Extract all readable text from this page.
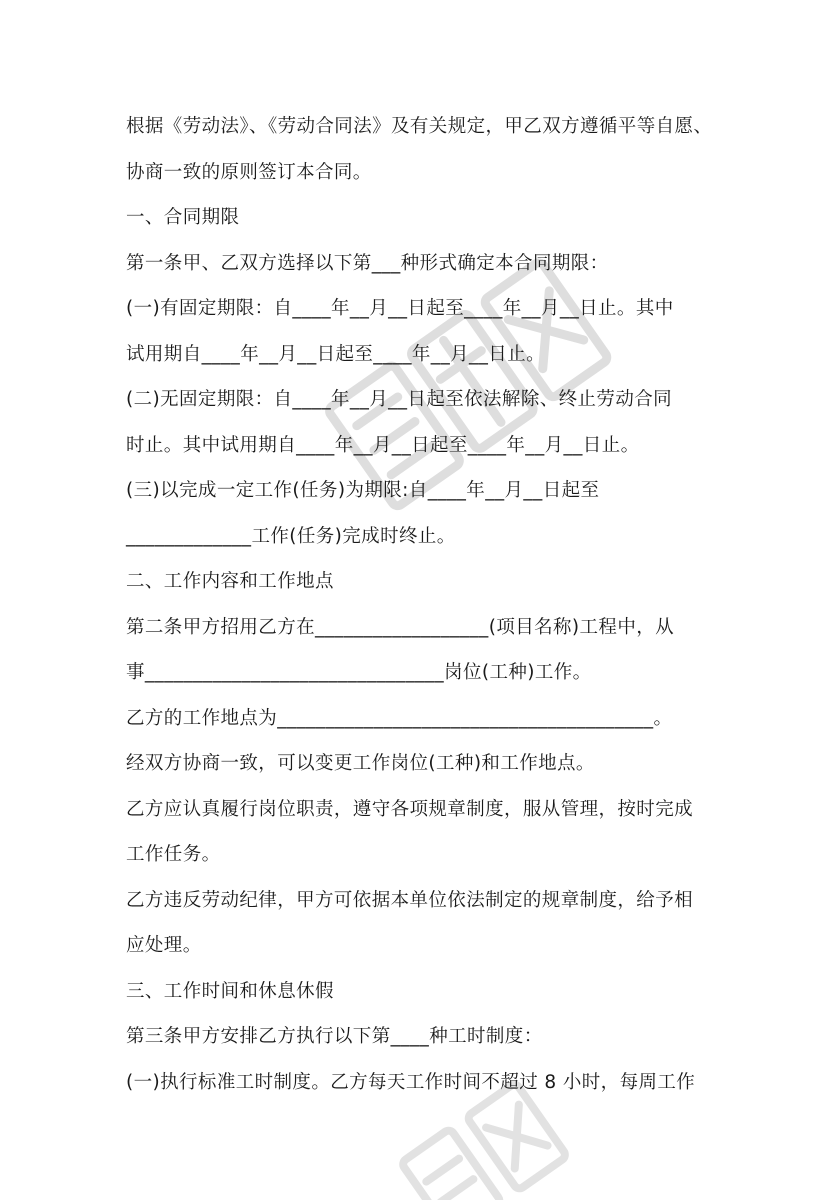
根据《劳动法》、《劳动合同法》及有关规定，甲乙双方遵循平等自愿、
协商一致的原则签订本合同。
一、合同期限
第一条甲、乙双方选择以下第___种形式确定本合同期限：
(一)有固定期限：自____年__月__日起至____年__月__日止。其中
试用期自____年__月__日起至____年__月__日止。
(二)无固定期限：自____年__月__日起至依法解除、终止劳动合同
时止。其中试用期自____年__月__日起至____年__月__日止。
(三)以完成一定工作(任务)为期限:自____年__月__日起至
_____________工作(任务)完成时终止。
二、工作内容和工作地点
第二条甲方招用乙方在__________________(项目名称)工程中，从
事_______________________________岗位(工种)工作。
乙方的工作地点为_______________________________________。
经双方协商一致，可以变更工作岗位(工种)和工作地点。
乙方应认真履行岗位职责，遵守各项规章制度，服从管理，按时完成
工作任务。
乙方违反劳动纪律，甲方可依据本单位依法制定的规章制度，给予相
应处理。
三、工作时间和休息休假
第三条甲方安排乙方执行以下第____种工时制度：
(一)执行标准工时制度。乙方每天工作时间不超过 8 小时，每周工作
